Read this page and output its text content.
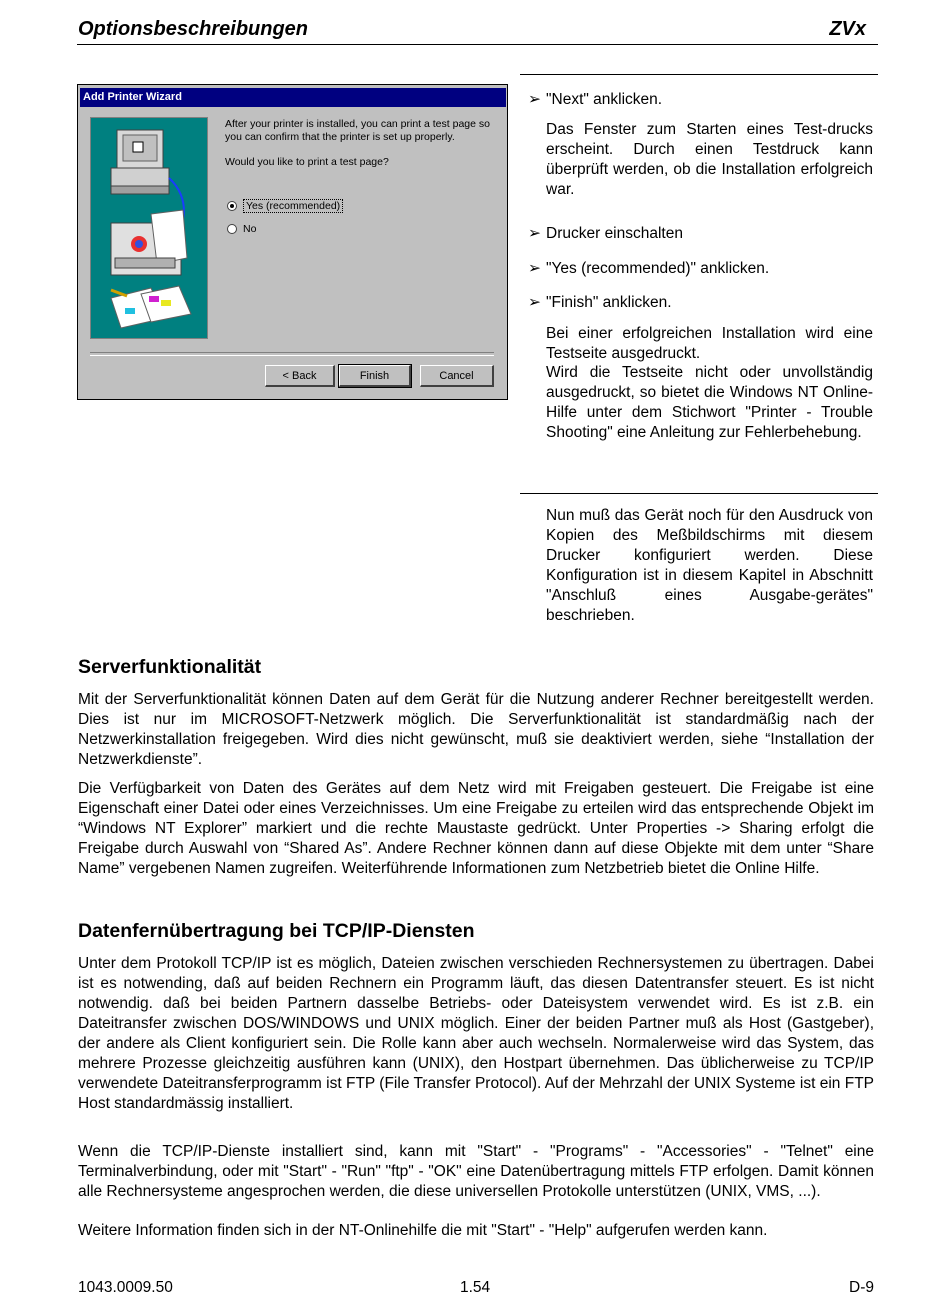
Optionsbeschreibungen	ZVx
Add Printer Wizard
After your printer is installed, you can print a test page so
you can confirm that the printer is set up properly.
Would you like to print a test page?
Yes (recommended)
No
< Back	Finish	Cancel
➢ "Next" anklicken.
Das Fenster zum Starten eines Test-drucks erscheint. Durch einen Testdruck kann überprüft werden, ob die Installation erfolgreich war.
➢ Drucker einschalten
➢ "Yes (recommended)" anklicken.
➢ "Finish" anklicken.
Bei einer erfolgreichen Installation wird eine Testseite ausgedruckt.
Wird die Testseite nicht oder unvollständig ausgedruckt, so bietet die Windows NT Online-Hilfe unter dem Stichwort "Printer - Trouble Shooting" eine Anleitung zur Fehlerbehebung.
Nun muß das Gerät noch für den Ausdruck von Kopien des Meßbildschirms mit diesem Drucker konfiguriert werden. Diese Konfiguration ist in diesem Kapitel in Abschnitt "Anschluß eines Ausgabe-gerätes" beschrieben.
Serverfunktionalität
Mit der Serverfunktionalität können Daten auf dem Gerät für die Nutzung anderer Rechner bereitgestellt werden. Dies ist nur im MICROSOFT-Netzwerk möglich. Die Serverfunktionalität ist standardmäßig nach der Netzwerkinstallation freigegeben. Wird dies nicht gewünscht, muß sie deaktiviert werden, siehe “Installation der Netzwerkdienste”.
Die Verfügbarkeit von Daten des Gerätes auf dem Netz wird mit Freigaben gesteuert. Die Freigabe ist eine Eigenschaft einer Datei oder eines Verzeichnisses. Um eine Freigabe zu erteilen wird das entsprechende Objekt im “Windows NT Explorer” markiert und die rechte Maustaste gedrückt. Unter Properties -> Sharing erfolgt die Freigabe durch Auswahl von “Shared As”. Andere Rechner können dann auf diese Objekte mit dem unter “Share Name” vergebenen Namen zugreifen. Weiterführende Informationen zum Netzbetrieb bietet die Online Hilfe.
Datenfernübertragung bei TCP/IP-Diensten
Unter dem Protokoll TCP/IP ist es möglich, Dateien zwischen verschieden Rechnersystemen zu übertragen. Dabei ist es notwending, daß auf beiden Rechnern ein Programm läuft, das diesen Datentransfer steuert. Es ist nicht notwendig. daß bei beiden Partnern dasselbe Betriebs- oder Dateisystem verwendet wird. Es ist z.B. ein Dateitransfer zwischen DOS/WINDOWS und UNIX möglich. Einer der beiden Partner muß als Host (Gastgeber), der andere als Client konfiguriert sein. Die Rolle kann aber auch wechseln. Normalerweise wird das System, das mehrere Prozesse gleichzeitig ausführen kann (UNIX), den Hostpart übernehmen. Das üblicherweise zu TCP/IP verwendete Dateitransferprogramm ist FTP (File Transfer Protocol). Auf der Mehrzahl der UNIX Systeme ist ein FTP Host standardmässig installiert.
Wenn die TCP/IP-Dienste installiert sind, kann mit "Start" - "Programs" - "Accessories" - "Telnet" eine Terminalverbindung, oder mit "Start" - "Run" "ftp" - "OK" eine Datenübertragung mittels FTP erfolgen. Damit können alle Rechnersysteme angesprochen werden, die diese universellen Protokolle unterstützen (UNIX, VMS, ...).
Weitere Information finden sich in der NT-Onlinehilfe die mit "Start" - "Help" aufgerufen werden kann.
1043.0009.50	1.54	D-9
